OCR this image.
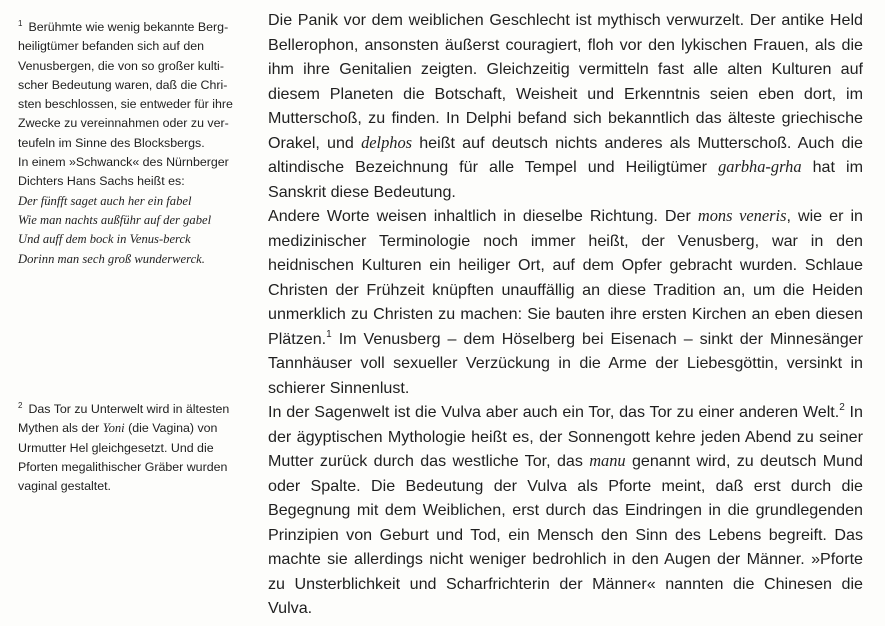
$^1$ Berühmte wie wenig bekannte Berg-
heiligtümer befanden sich auf den
Venusbergen, die von so großer kulti-
scher Bedeutung waren, daß die Chri-
sten beschlossen, sie entweder für ihre
Zwecke zu vereinnahmen oder zu ver-
teufeln im Sinne des Blocksbergs.
In einem »Schwanck« des Nürnberger
Dichters Hans Sachs heißt es:
Der fünfft saget auch her ein fabel
Wie man nachts außführ auf der gabel
Und auff dem bock in Venus-berck
Dorinn man sech groß wunderwerck.
$^2$ Das Tor zu Unterwelt wird in ältesten
Mythen als der Yoni (die Vagina) von
Urmutter Hel gleichgesetzt. Und die
Pforten megalithischer Gräber wurden
vaginal gestaltet.

Die Panik vor dem weiblichen Geschlecht ist mythisch verwurzelt. Der antike Held Bellerophon, ansonsten äußerst couragiert, floh vor den lykischen Frauen, als die ihm ihre Genitalien zeigten. Gleichzeitig vermitteln fast alle alten Kulturen auf diesem Planeten die Botschaft, Weisheit und Erkenntnis seien eben dort, im Mutterschoß, zu finden. In Delphi befand sich bekanntlich das älteste griechische Orakel, und delphos heißt auf deutsch nichts anderes als Mutterschoß. Auch die altindische Bezeichnung für alle Tempel und Heiligtümer garbha-grha hat im Sanskrit diese Bedeutung.

Andere Worte weisen inhaltlich in dieselbe Richtung. Der mons veneris, wie er in medizinischer Terminologie noch immer heißt, der Venusberg, war in den heidnischen Kulturen ein heiliger Ort, auf dem Opfer gebracht wurden. Schlaue Christen der Frühzeit knüpften unauffällig an diese Tradition an, um die Heiden unmerklich zu Christen zu machen: Sie bauten ihre ersten Kirchen an eben diesen Plätzen.$^1$ Im Venusberg – dem Höselberg bei Eisenach – sinkt der Minnesänger Tannhäuser voll sexueller Verzückung in die Arme der Liebesgöttin, versinkt in schierer Sinnenlust.

In der Sagenwelt ist die Vulva aber auch ein Tor, das Tor zu einer anderen Welt.$^2$ In der ägyptischen Mythologie heißt es, der Sonnengott kehre jeden Abend zu seiner Mutter zurück durch das westliche Tor, das manu genannt wird, zu deutsch Mund oder Spalte. Die Bedeutung der Vulva als Pforte meint, daß erst durch die Begegnung mit dem Weiblichen, erst durch das Eindringen in die grundlegenden Prinzipien von Geburt und Tod, ein Mensch den Sinn des Lebens begreift. Das machte sie allerdings nicht weniger bedrohlich in den Augen der Männer. »Pforte zu Unsterblichkeit und Scharfrichterin der Männer« nannten die Chinesen die Vulva.
